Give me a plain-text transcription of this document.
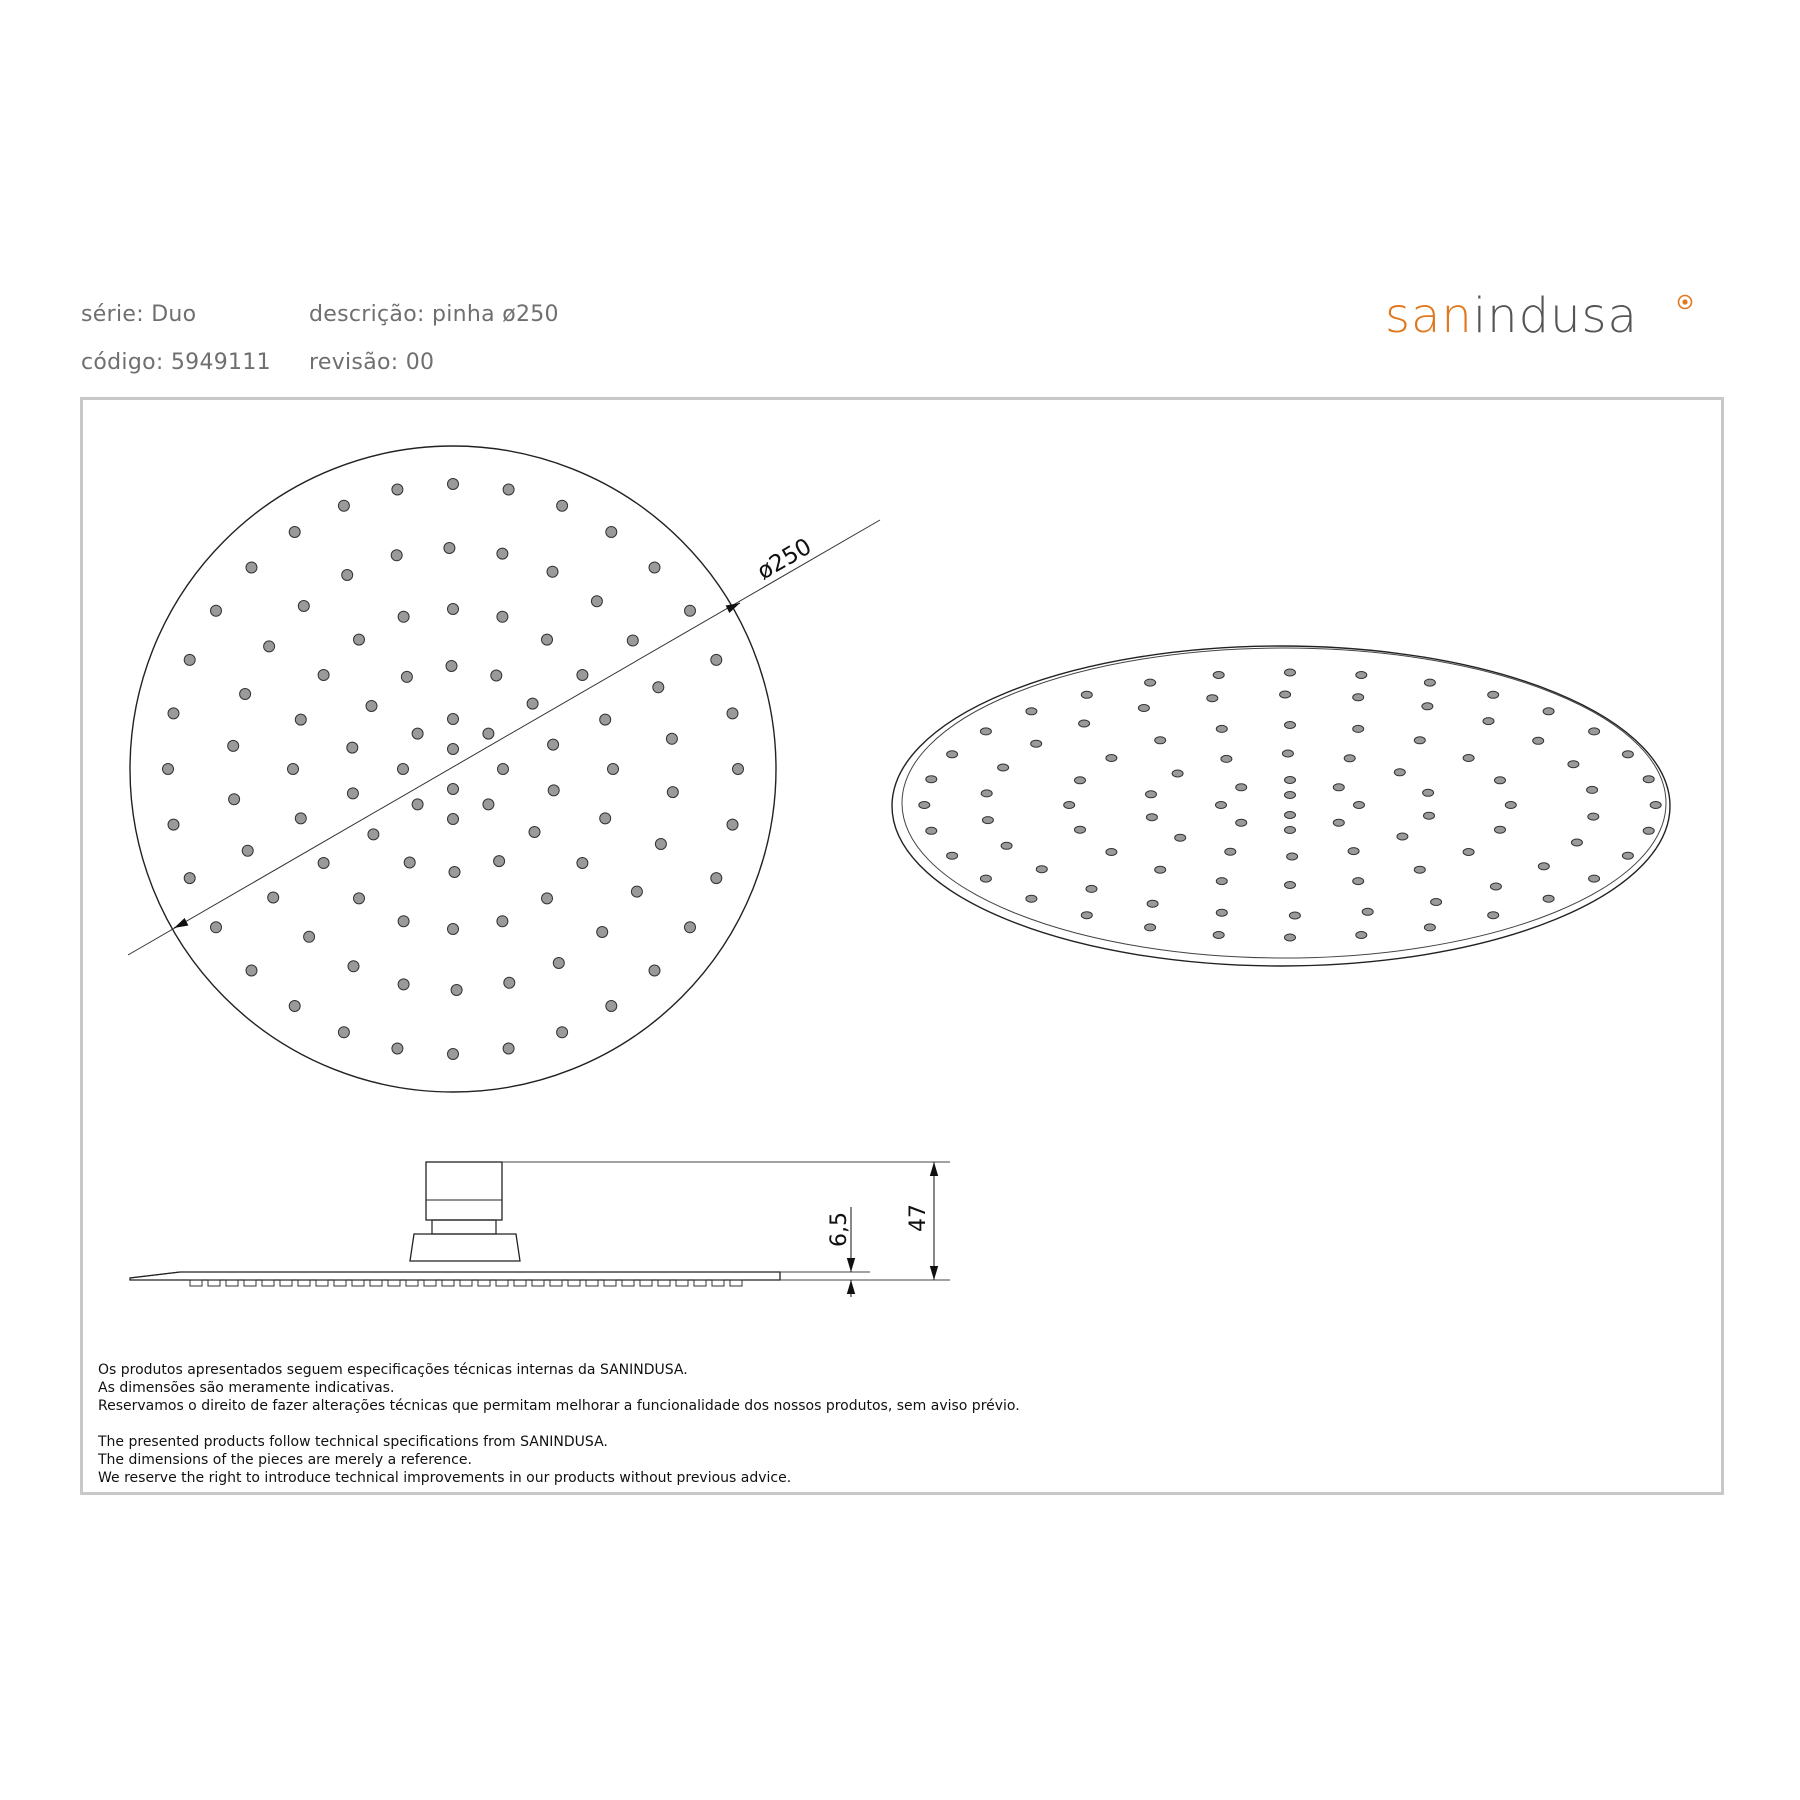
série: Duo	descrição: pinha ø250
código: 5949111 revisão: 00
sanindusa
ø250
47
6,5
Os produtos apresentados seguem especificações técnicas internas da SANINDUSA.
As dimensões são meramente indicativas.
Reservamos o direito de fazer alterações técnicas que permitam melhorar a funcionalidade dos nossos produtos, sem aviso prévio.
The presented products follow technical specifications from SANINDUSA.
The dimensions of the pieces are merely a reference.
We reserve the right to introduce technical improvements in our products without previous advice.
